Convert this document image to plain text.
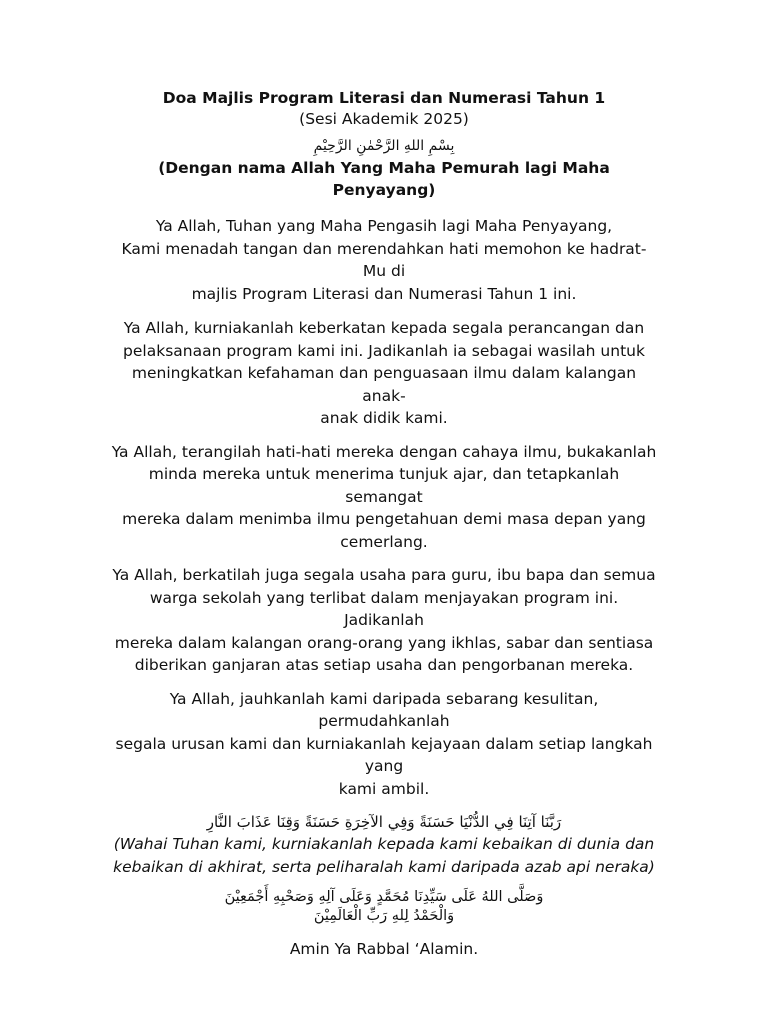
Doa Majlis Program Literasi dan Numerasi Tahun 1

(Sesi Akademik 2025)

بِسْمِ اللهِ الرَّحْمٰنِ الرَّحِيْمِ

(Dengan nama Allah Yang Maha Pemurah lagi Maha Penyayang)

Ya Allah, Tuhan yang Maha Pengasih lagi Maha Penyayang,
Kami menadah tangan dan merendahkan hati memohon ke hadrat-Mu di
majlis Program Literasi dan Numerasi Tahun 1 ini.

Ya Allah, kurniakanlah keberkatan kepada segala perancangan dan
pelaksanaan program kami ini. Jadikanlah ia sebagai wasilah untuk
meningkatkan kefahaman dan penguasaan ilmu dalam kalangan anak-
anak didik kami.

Ya Allah, terangilah hati-hati mereka dengan cahaya ilmu, bukakanlah
minda mereka untuk menerima tunjuk ajar, dan tetapkanlah semangat
mereka dalam menimba ilmu pengetahuan demi masa depan yang
cemerlang.

Ya Allah, berkatilah juga segala usaha para guru, ibu bapa dan semua
warga sekolah yang terlibat dalam menjayakan program ini. Jadikanlah
mereka dalam kalangan orang-orang yang ikhlas, sabar dan sentiasa
diberikan ganjaran atas setiap usaha dan pengorbanan mereka.

Ya Allah, jauhkanlah kami daripada sebarang kesulitan, permudahkanlah
segala urusan kami dan kurniakanlah kejayaan dalam setiap langkah yang
kami ambil.

رَبَّنَا آتِنَا فِي الدُّنْيَا حَسَنَةً وَفِي الآخِرَةِ حَسَنَةً وَقِنَا عَذَابَ النَّارِ

(Wahai Tuhan kami, kurniakanlah kepada kami kebaikan di dunia dan
kebaikan di akhirat, serta peliharalah kami daripada azab api neraka)

وَصَلَّى اللهُ عَلَى سَيِّدِنَا مُحَمَّدٍ وَعَلَى آلِهِ وَصَحْبِهِ أَجْمَعِيْنَ
وَالْحَمْدُ لِلهِ رَبِّ الْعَالَمِيْنَ

Amin Ya Rabbal ‘Alamin.
